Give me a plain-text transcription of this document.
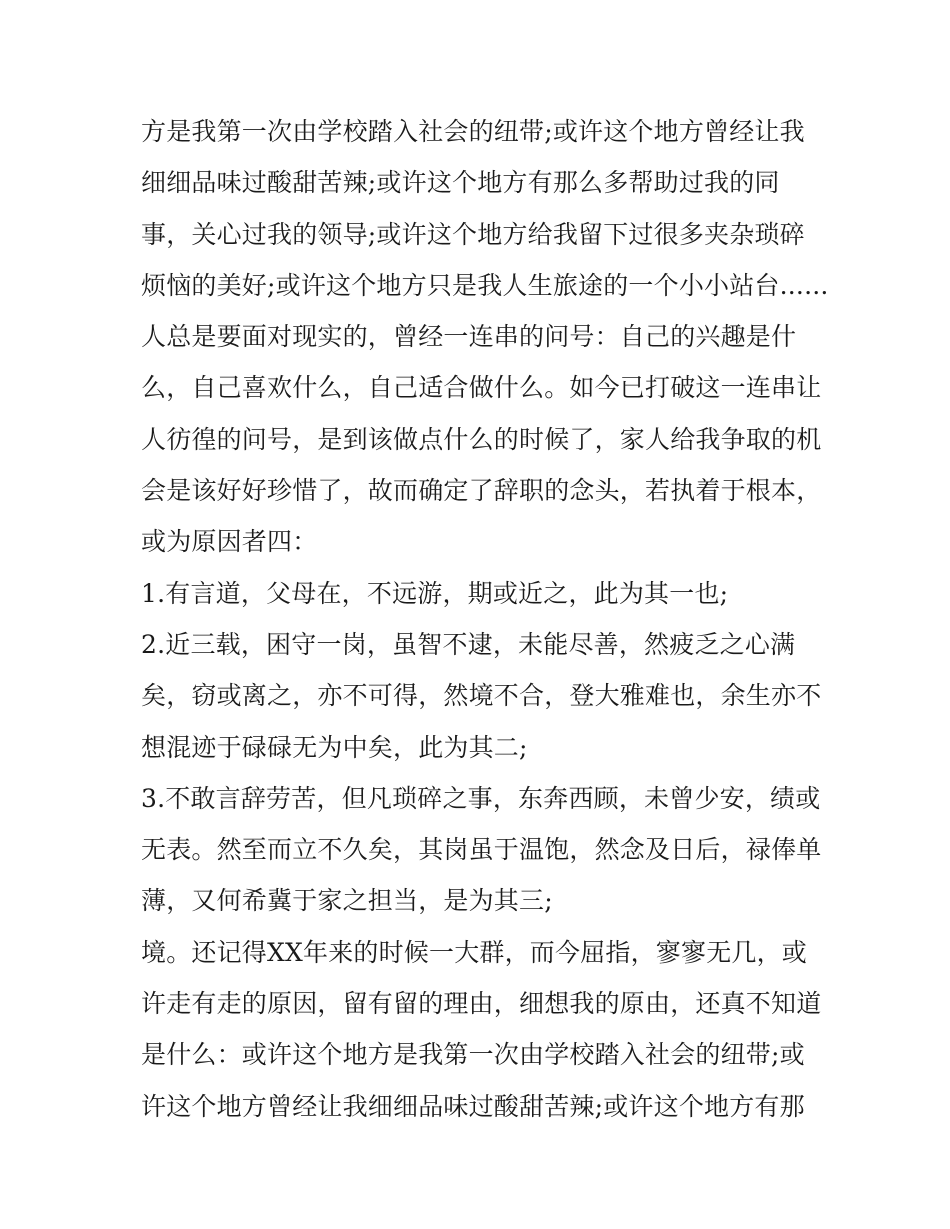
方是我第一次由学校踏入社会的纽带;或许这个地方曾经让我
细细品味过酸甜苦辣;或许这个地方有那么多帮助过我的同
事，关心过我的领导;或许这个地方给我留下过很多夹杂琐碎
烦恼的美好;或许这个地方只是我人生旅途的一个小小站台......
人总是要面对现实的，曾经一连串的问号：自己的兴趣是什
么，自己喜欢什么，自己适合做什么。如今已打破这一连串让
人彷徨的问号，是到该做点什么的时候了，家人给我争取的机
会是该好好珍惜了，故而确定了辞职的念头，若执着于根本，
或为原因者四：
1.有言道，父母在，不远游，期或近之，此为其一也;
2.近三载，困守一岗，虽智不逮，未能尽善，然疲乏之心满
矣，窃或离之，亦不可得，然境不合，登大雅难也，余生亦不
想混迹于碌碌无为中矣，此为其二;
3.不敢言辞劳苦，但凡琐碎之事，东奔西顾，未曾少安，绩或
无表。然至而立不久矣，其岗虽于温饱，然念及日后，禄俸单
薄，又何希冀于家之担当，是为其三;
境。还记得XX年来的时候一大群，而今屈指，寥寥无几，或
许走有走的原因，留有留的理由，细想我的原由，还真不知道
是什么：或许这个地方是我第一次由学校踏入社会的纽带;或
许这个地方曾经让我细细品味过酸甜苦辣;或许这个地方有那
